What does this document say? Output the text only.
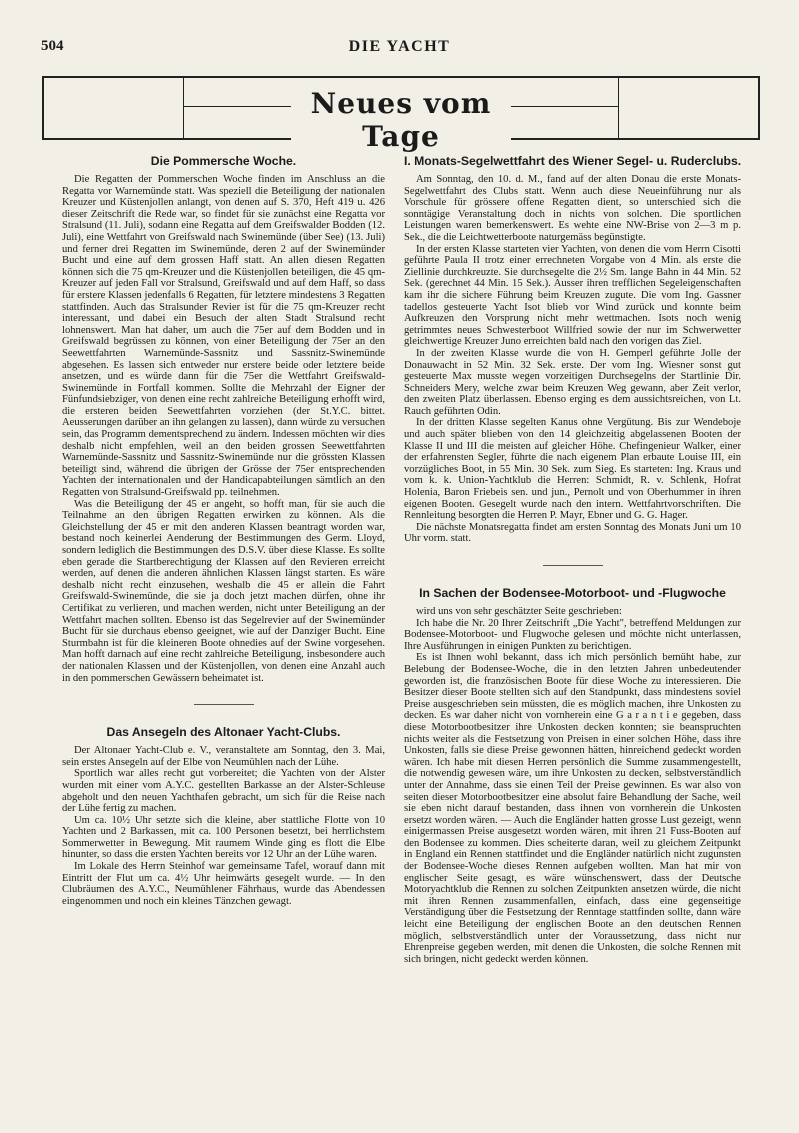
504	DIE YACHT
Neues vom Tage
Die Pommersche Woche.

Die Regatten der Pommerschen Woche finden im Anschluss an die Regatta vor Warnemünde statt. Was speziell die Beteiligung der nationalen Kreuzer und Küstenjollen anlangt, von denen auf S. 370, Heft 419 u. 426 dieser Zeitschrift die Rede war, so findet für sie zunächst eine Regatta vor Stralsund (11. Juli), sodann eine Regatta auf dem Greifswalder Bodden (12. Juli), eine Wettfahrt von Greifswald nach Swinemünde (über See) (13. Juli) und ferner drei Regatten im Swinemünde, deren 2 auf der Swinemünder Bucht und eine auf dem grossen Haff statt. An allen diesen Regatten können sich die 75 qm-Kreuzer und die Küstenjollen beteiligen, die 45 qm-Kreuzer auf jeden Fall vor Stralsund, Greifswald und auf dem Haff, so dass für erstere Klassen jedenfalls 6 Regatten, für letztere mindestens 3 Regatten stattfinden. Auch das Stralsunder Revier ist für die 75 qm-Kreuzer recht interessant, und dabei ein Besuch der alten Stadt Stralsund recht lohnenswert. Man hat daher, um auch die 75er auf dem Bodden und in Greifswald begrüssen zu können, von einer Beteiligung der 75er an den Seewettfahrten Warnemünde-Sassnitz und Sassnitz-Swinemünde abgesehen. Es lassen sich entweder nur erstere beide oder letztere beide ansetzen, und es würde dann für die 75er die Wettfahrt Greifswald-Swinemünde in Fortfall kommen. Sollte die Mehrzahl der Eigner der Fünfundsiebziger, von denen eine recht zahlreiche Beteiligung erhofft wird, die ersteren beiden Seewettfahrten vorziehen (der St.Y.C. bittet. Aeusserungen darüber an ihn gelangen zu lassen), dann würde zu versuchen sein, das Programm dementsprechend zu ändern. Indessen möchten wir dies deshalb nicht empfehlen, weil an den beiden grossen Seewettfahrten Warnemünde-Sassnitz und Sassnitz-Swinemünde nur die grössten Klassen beteiligt sind, während die übrigen der Grösse der 75er entsprechenden Yachten der internationalen und der Handicapabteilungen sämtlich an den Regatten von Stralsund-Greifswald pp. teilnehmen.

Was die Beteiligung der 45 er angeht, so hofft man, für sie auch die Teilnahme an den übrigen Regatten erwirken zu können. Als die Gleichstellung der 45 er mit den anderen Klassen beantragt worden war, bestand noch keinerlei Aenderung der Bestimmungen des Germ. Lloyd, sondern lediglich die Bestimmungen des D.S.V. über diese Klasse. Es sollte eben gerade die Startberechtigung der Klassen auf den Revieren erreicht werden, auf denen die anderen ähnlichen Klassen längst starten. Es wäre deshalb nicht recht einzusehen, weshalb die 45 er allein die Fahrt Greifswald-Swinemünde, die sie ja doch jetzt machen dürfen, ohne ihr Certifikat zu verlieren, und machen werden, nicht unter Beteiligung an der Wettfahrt machen sollten. Ebenso ist das Segelrevier auf der Swinemünder Bucht für sie durchaus ebenso geeignet, wie auf der Danziger Bucht. Eine Sturmbahn ist für die kleineren Boote ohnedies auf der Swine vorgesehen. Man hofft darnach auf eine recht zahlreiche Beteiligung, insbesondere auch der nationalen Klassen und der Küstenjollen, von denen eine Anzahl auch in den pommerschen Gewässern beheimatet ist.

Das Ansegeln des Altonaer Yacht-Clubs.

Der Altonaer Yacht-Club e. V., veranstaltete am Sonntag, den 3. Mai, sein erstes Ansegeln auf der Elbe von Neumühlen nach der Lühe.

Sportlich war alles recht gut vorbereitet; die Yachten von der Alster wurden mit einer vom A.Y.C. gestellten Barkasse an der Alster-Schleuse abgeholt und den neuen Yachthafen gebracht, um sich für die Reise nach der Lühe fertig zu machen.

Um ca. 10½ Uhr setzte sich die kleine, aber stattliche Flotte von 10 Yachten und 2 Barkassen, mit ca. 100 Personen besetzt, bei herrlichstem Sommerwetter in Bewegung. Mit raumem Winde ging es flott die Elbe hinunter, so dass die ersten Yachten bereits vor 12 Uhr an der Lühe waren.

Im Lokale des Herrn Steinhof war gemeinsame Tafel, worauf dann mit Eintritt der Flut um ca. 4½ Uhr heimwärts gesegelt wurde. — In den Clubräumen des A.Y.C., Neumühlener Fährhaus, wurde das Abendessen eingenommen und noch ein kleines Tänzchen gewagt.

I. Monats-Segelwettfahrt des Wiener Segel- u. Ruderclubs.

Am Sonntag, den 10. d. M., fand auf der alten Donau die erste Monats-Segelwettfahrt des Clubs statt. Wenn auch diese Neueinführung nur als Vorschule für grössere offene Regatten dient, so unterschied sich die sonntägige Veranstaltung doch in nichts von solchen. Die sportlichen Leistungen waren bemerkenswert. Es wehte eine NW-Brise von 2—3 m p. Sek., die die Leichtwetterboote naturgemäss begünstigte.

In der ersten Klasse starteten vier Yachten, von denen die vom Herrn Cisotti geführte Paula II trotz einer errechneten Vorgabe von 4 Min. als erste die Ziellinie durchkreuzte. Sie durchsegelte die 2½ Sm. lange Bahn in 44 Min. 52 Sek. (gerechnet 44 Min. 15 Sek.). Ausser ihren trefflichen Segeleigenschaften kam ihr die sichere Führung beim Kreuzen zugute. Die vom Ing. Gassner tadellos gesteuerte Yacht Isot blieb vor Wind zurück und konnte beim Aufkreuzen den Vorsprung nicht mehr wettmachen. Isots noch wenig getrimmtes neues Schwesterboot Willfried sowie der nur im Schwerwetter gleichwertige Kreuzer Juno erreichten bald nach den vorigen das Ziel.

In der zweiten Klasse wurde die von H. Gemperl geführte Jolle der Donauwacht in 52 Min. 32 Sek. erste. Der vom Ing. Wiesner sonst gut gesteuerte Max musste wegen vorzeitigen Durchsegelns der Startlinie Dir. Schneiders Mery, welche zwar beim Kreuzen Weg gewann, aber Zeit verlor, den zweiten Platz überlassen. Ebenso erging es dem aussichtsreichen, von Lt. Rauch geführten Odin.

In der dritten Klasse segelten Kanus ohne Vergütung. Bis zur Wendeboje und auch später blieben von den 14 gleichzeitig abgelassenen Booten der Klasse II und III die meisten auf gleicher Höhe. Chefingenieur Walker, einer der erfahrensten Segler, führte die nach eigenem Plan erbaute Louise III, ein vorzügliches Boot, in 55 Min. 30 Sek. zum Sieg. Es starteten: Ing. Kraus und vom k. k. Union-Yachtklub die Herren: Schmidt, R. v. Schlenk, Hofrat Holenia, Baron Friebeis sen. und jun., Pernolt und von Oberhummer in ihren eigenen Booten. Gesegelt wurde nach den intern. Wettfahrtvorschriften. Die Rennleitung besorgten die Herren P. Mayr, Ebner und G. G. Hager.

Die nächste Monatsregatta findet am ersten Sonntag des Monats Juni um 10 Uhr vorm. statt.

In Sachen der Bodensee-Motorboot- und -Flugwoche

wird uns von sehr geschätzter Seite geschrieben:

Ich habe die Nr. 20 Ihrer Zeitschrift „Die Yacht", betreffend Meldungen zur Bodensee-Motorboot- und Flugwoche gelesen und möchte nicht unterlassen, Ihre Ausführungen in einigen Punkten zu berichtigen.

Es ist Ihnen wohl bekannt, dass ich mich persönlich bemüht habe, zur Belebung der Bodensee-Woche, die in den letzten Jahren unbedeutender geworden ist, die französischen Boote für diese Woche zu interessieren. Die Besitzer dieser Boote stellten sich auf den Standpunkt, dass mindestens soviel Preise ausgeschrieben sein müssten, die es möglich machen, ihre Unkosten zu decken. Es war daher nicht von vornherein eine G a r a n t i e gegeben, dass diese Motorbootbesitzer ihre Unkosten decken konnten; sie beanspruchten nichts weiter als die Festsetzung von Preisen in einer solchen Höhe, dass ihre Unkosten, falls sie diese Preise gewonnen hätten, hinreichend gedeckt worden wären. Ich habe mit diesen Herren persönlich die Summe zusammengestellt, die notwendig gewesen wäre, um ihre Unkosten zu decken, selbstverständlich unter der Annahme, dass sie einen Teil der Preise gewinnen. Es war also von seiten dieser Motorbootbesitzer eine absolut faire Behandlung der Sache, weil sie eben nicht darauf bestanden, dass ihnen von vornherein die Unkosten ersetzt worden wären. — Auch die Engländer hatten grosse Lust gezeigt, wenn einigermassen Preise ausgesetzt worden wären, mit ihren 21 Fuss-Booten auf den Bodensee zu kommen. Dies scheiterte daran, weil zu gleichem Zeitpunkt in England ein Rennen stattfindet und die Engländer natürlich nicht zugunsten der Bodensee-Woche dieses Rennen aufgeben wollten. Man hat mir von englischer Seite gesagt, es wäre wünschenswert, dass der Deutsche Motoryachtklub die Rennen zu solchen Zeitpunkten ansetzen würde, die nicht mit ihren Rennen zusammenfallen, einfach, dass eine gegenseitige Verständigung über die Festsetzung der Renntage stattfinden sollte, dann wäre leicht eine Beteiligung der englischen Boote an den deutschen Rennen möglich, selbstverständlich unter der Voraussetzung, dass nicht nur Ehrenpreise gegeben werden, mit denen die Unkosten, die solche Rennen mit sich bringen, nicht gedeckt werden können.
